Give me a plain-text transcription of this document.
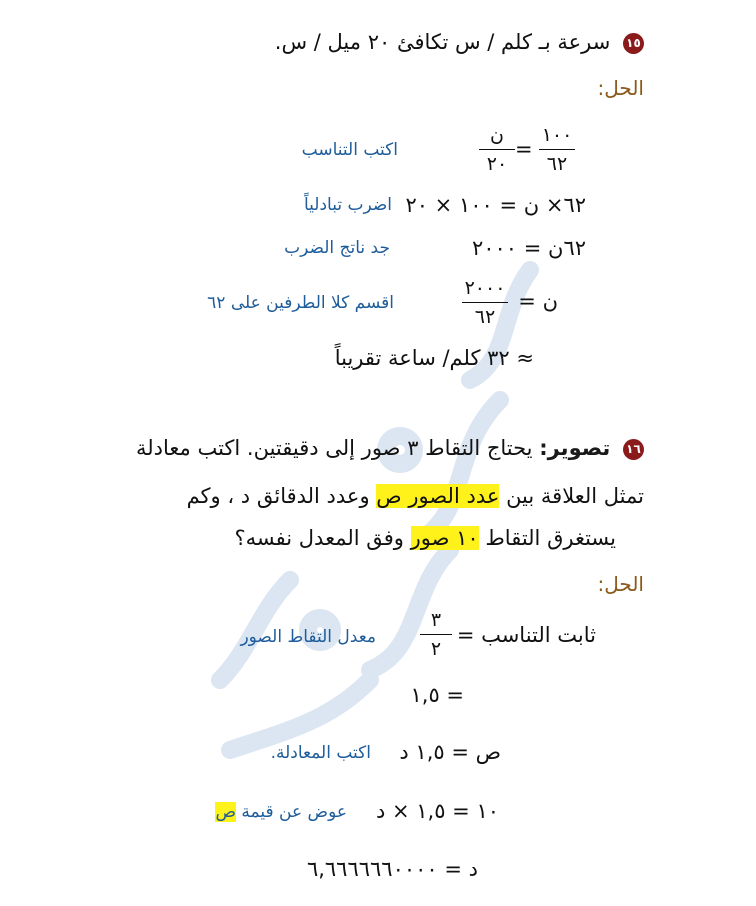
١٥ سرعة بـ كلم / س تكافئ ٢٠ ميل / س.
الحل:
١٠٠
٦٢
=
ن
٢٠
اكتب التناسب
٦٢× ن = ١٠٠ × ٢٠
اضرب تبادلياً
٦٢ن = ٢٠٠٠
جد ناتج الضرب
ن =
٢٠٠٠
٦٢
اقسم كلا الطرفين على ٦٢
≈ ٣٢ كلم/ ساعة تقريباً
١٦ تصوير: يحتاج التقاط ٣ صور إلى دقيقتين. اكتب معادلة
تمثل العلاقة بين عدد الصور ص وعدد الدقائق د ، وكم
يستغرق التقاط ١٠ صور وفق المعدل نفسه؟
الحل:
ثابت التناسب =
٣
٢
معدل التقاط الصور
= ١,٥
ص = ١,٥ د
اكتب المعادلة.
١٠ = ١,٥ × د
عوض عن قيمة ص
د = ٦,٦٦٦٦٦٦٠٠٠٠
